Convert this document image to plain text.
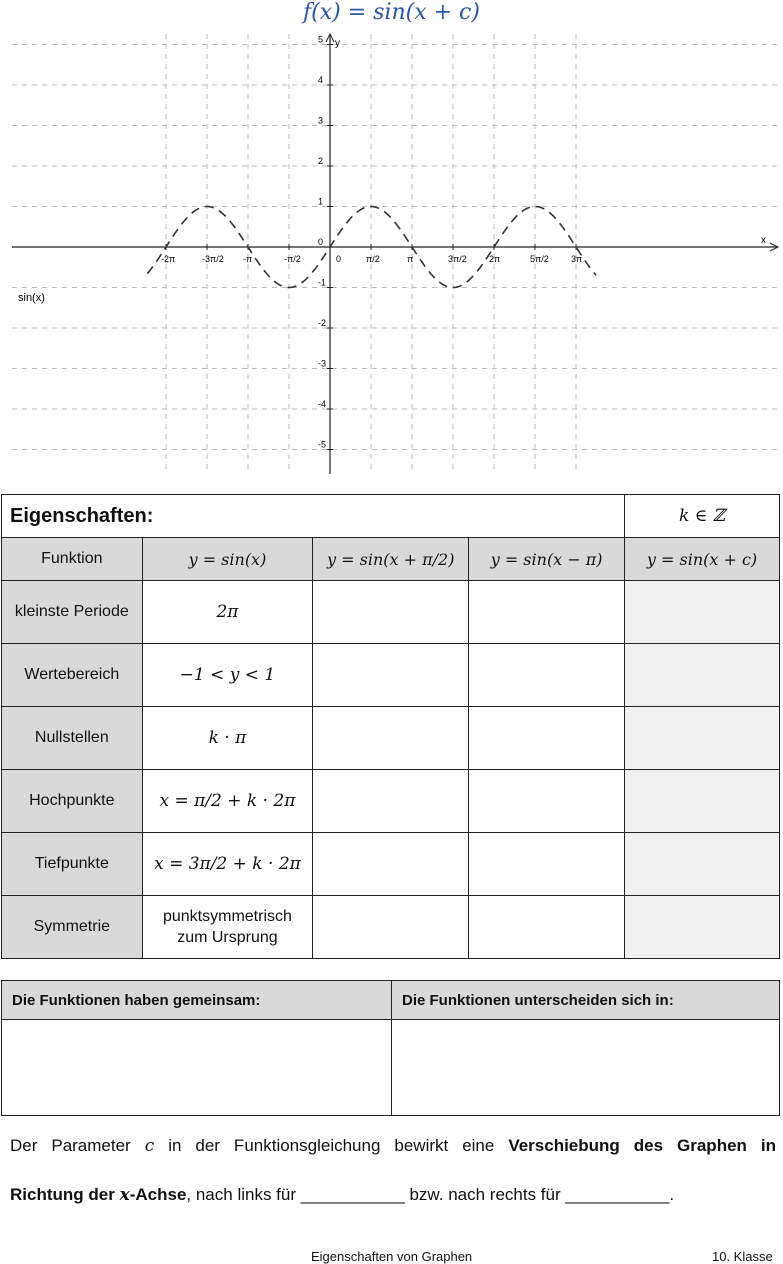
f(x) = sin(x + c)
-2π	-3π/2 -π	-π/2	0	π/2	π	3π/2 2π	5π/2 3π
5
4
3
2
1
0
-1
-2
-3
-4
-5
sin(x)
y
x
Eigenschaften:				k ∈ ℤ
Funktion	y = sin(x)	y = sin(x + π/2)	y = sin(x − π)	y = sin(x + c)
kleinste Periode	2π			
Wertebereich	−1 < y < 1			
Nullstellen	k · π			
Hochpunkte	x = π/2 + k · 2π			
Tiefpunkte	x = 3π/2 + k · 2π			
Symmetrie	punktsymmetrisch zum Ursprung			
Die Funktionen haben gemeinsam:	Die Funktionen unterscheiden sich in:

Der Parameter c in der Funktionsgleichung bewirkt eine Verschiebung des Graphen in
Richtung der x-Achse, nach links für ___________ bzw. nach rechts für ___________.
Eigenschaften von Graphen	10. Klasse
